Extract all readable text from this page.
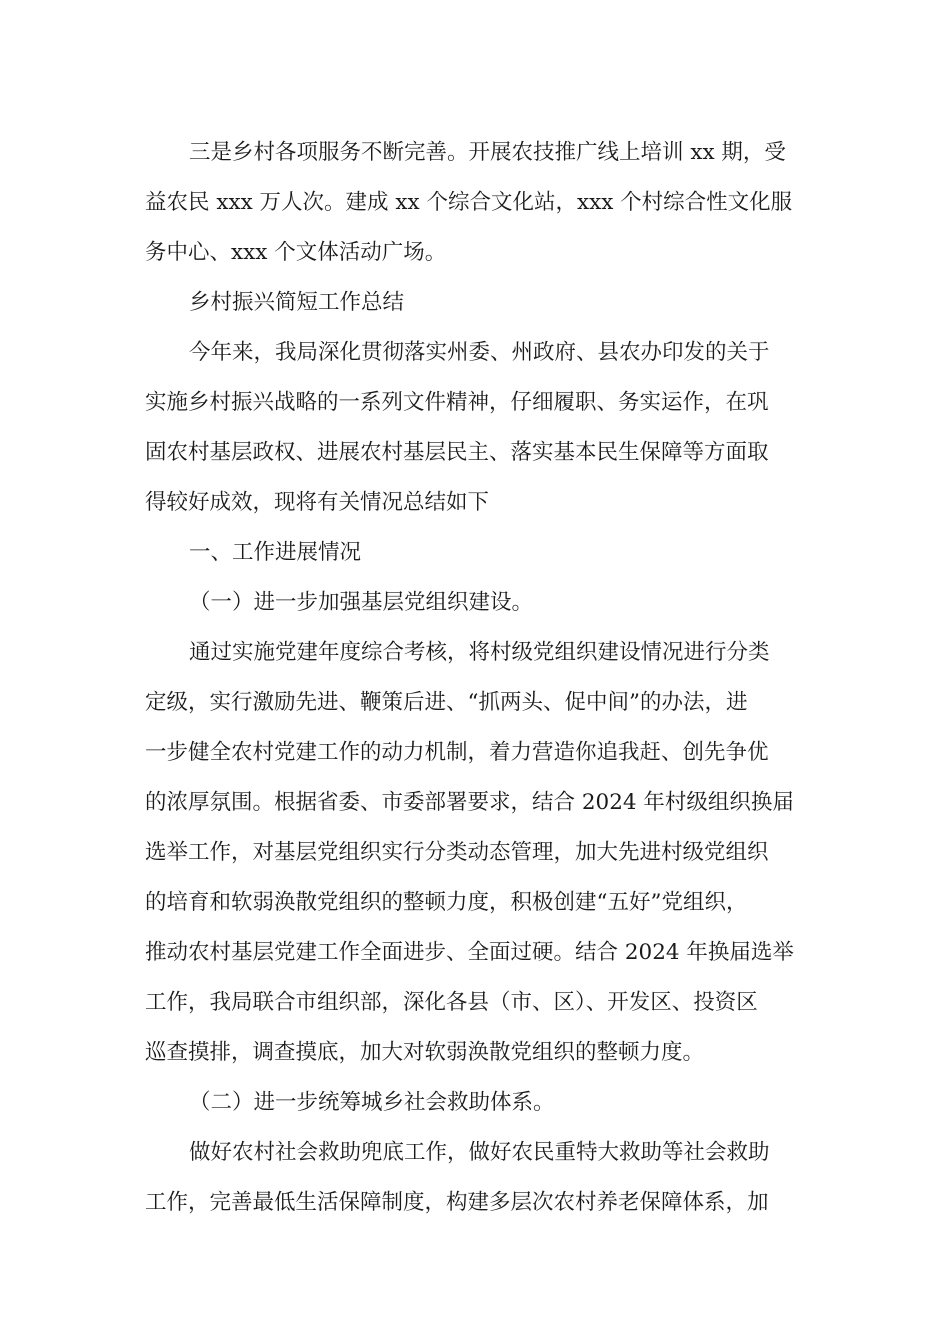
三是乡村各项服务不断完善。开展农技推广线上培训 xx 期，受
益农民 xxx 万人次。建成 xx 个综合文化站，xxx 个村综合性文化服
务中心、xxx 个文体活动广场。
乡村振兴简短工作总结
今年来，我局深化贯彻落实州委、州政府、县农办印发的关于
实施乡村振兴战略的一系列文件精神，仔细履职、务实运作，在巩
固农村基层政权、进展农村基层民主、落实基本民生保障等方面取
得较好成效，现将有关情况总结如下
一、工作进展情况
（一）进一步加强基层党组织建设。
通过实施党建年度综合考核，将村级党组织建设情况进行分类
定级，实行激励先进、鞭策后进、“抓两头、促中间”的办法，进
一步健全农村党建工作的动力机制，着力营造你追我赶、创先争优
的浓厚氛围。根据省委、市委部署要求，结合 2024 年村级组织换届
选举工作，对基层党组织实行分类动态管理，加大先进村级党组织
的培育和软弱涣散党组织的整顿力度，积极创建“五好”党组织，
推动农村基层党建工作全面进步、全面过硬。结合 2024 年换届选举
工作，我局联合市组织部，深化各县（市、区）、开发区、投资区
巡查摸排，调查摸底，加大对软弱涣散党组织的整顿力度。
（二）进一步统筹城乡社会救助体系。
做好农村社会救助兜底工作，做好农民重特大救助等社会救助
工作，完善最低生活保障制度，构建多层次农村养老保障体系，加
